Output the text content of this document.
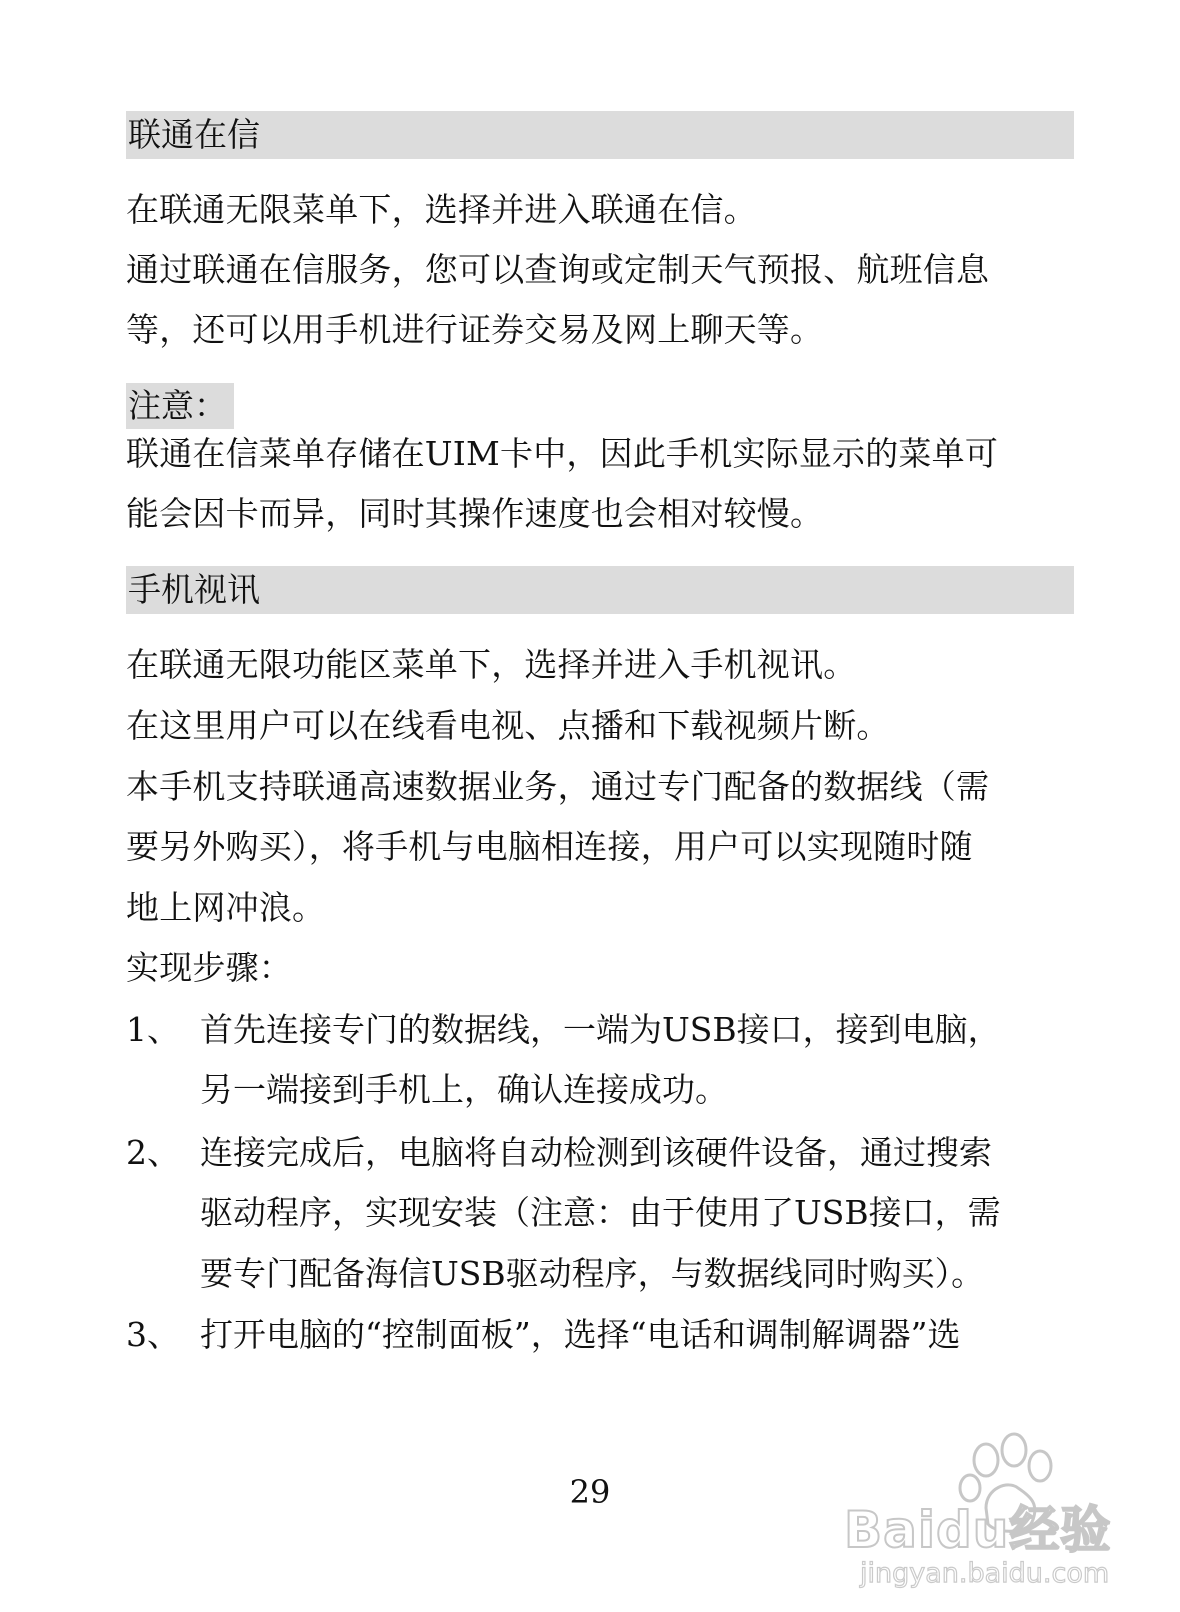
联通在信
在联通无限菜单下，选择并进入联通在信。
通过联通在信服务，您可以查询或定制天气预报、航班信息
等，还可以用手机进行证券交易及网上聊天等。
注意：
联通在信菜单存储在UIM卡中，因此手机实际显示的菜单可
能会因卡而异，同时其操作速度也会相对较慢。
手机视讯
在联通无限功能区菜单下，选择并进入手机视讯。
在这里用户可以在线看电视、点播和下载视频片断。
本手机支持联通高速数据业务，通过专门配备的数据线（需
要另外购买），将手机与电脑相连接，用户可以实现随时随
地上网冲浪。
实现步骤：
1、 首先连接专门的数据线，一端为USB接口，接到电脑，
另一端接到手机上，确认连接成功。
2、 连接完成后，电脑将自动检测到该硬件设备，通过搜索
驱动程序，实现安装（注意：由于使用了USB接口，需
要专门配备海信USB驱动程序，与数据线同时购买）。
3、 打开电脑的“控制面板”，选择“电话和调制解调器”选
29
Baidu经验
jingyan.baidu.com
